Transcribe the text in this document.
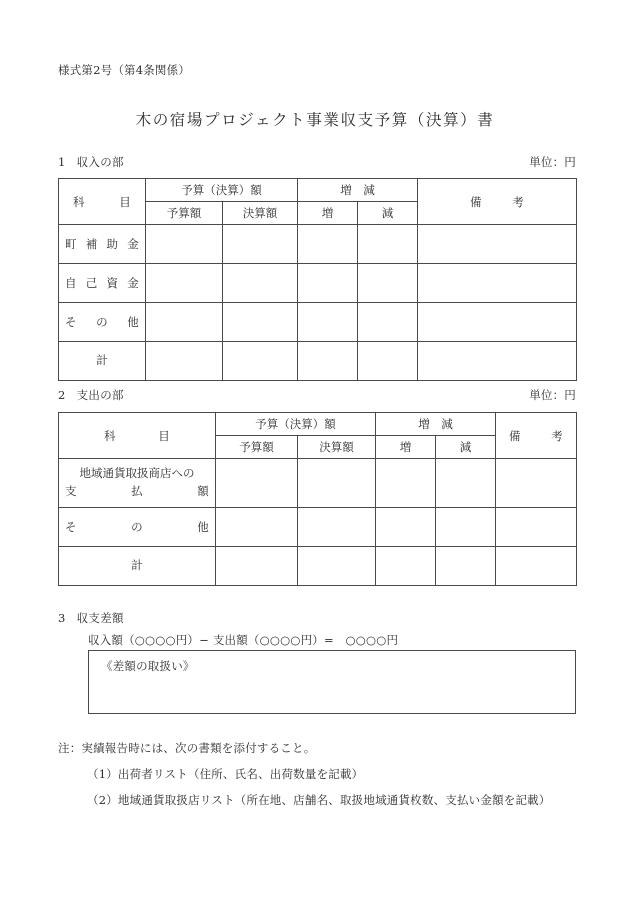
様式第2号（第4条関係）
木の宿場プロジェクト事業収支予算（決算）書
1 収入の部	単位：円
科　目	予算（決算）額		増　減		備　考

	予算額	決算額	増	減	

町補助金					

自己資金					

その他					

計					
2 支出の部	単位：円
科　目	予算（決算）額		増　減		備　考

	予算額	決算額	増	減	

地域通貨取扱商店への
支払額					

その他					

計					
3 収支差額
収入額（○○○○円）− 支出額（○○○○円）=　○○○○円
《差額の取扱い》
注：実績報告時には、次の書類を添付すること。
（1）出荷者リスト（住所、氏名、出荷数量を記載）
（2）地域通貨取扱店リスト（所在地、店舗名、取扱地域通貨枚数、支払い金額を記載）
